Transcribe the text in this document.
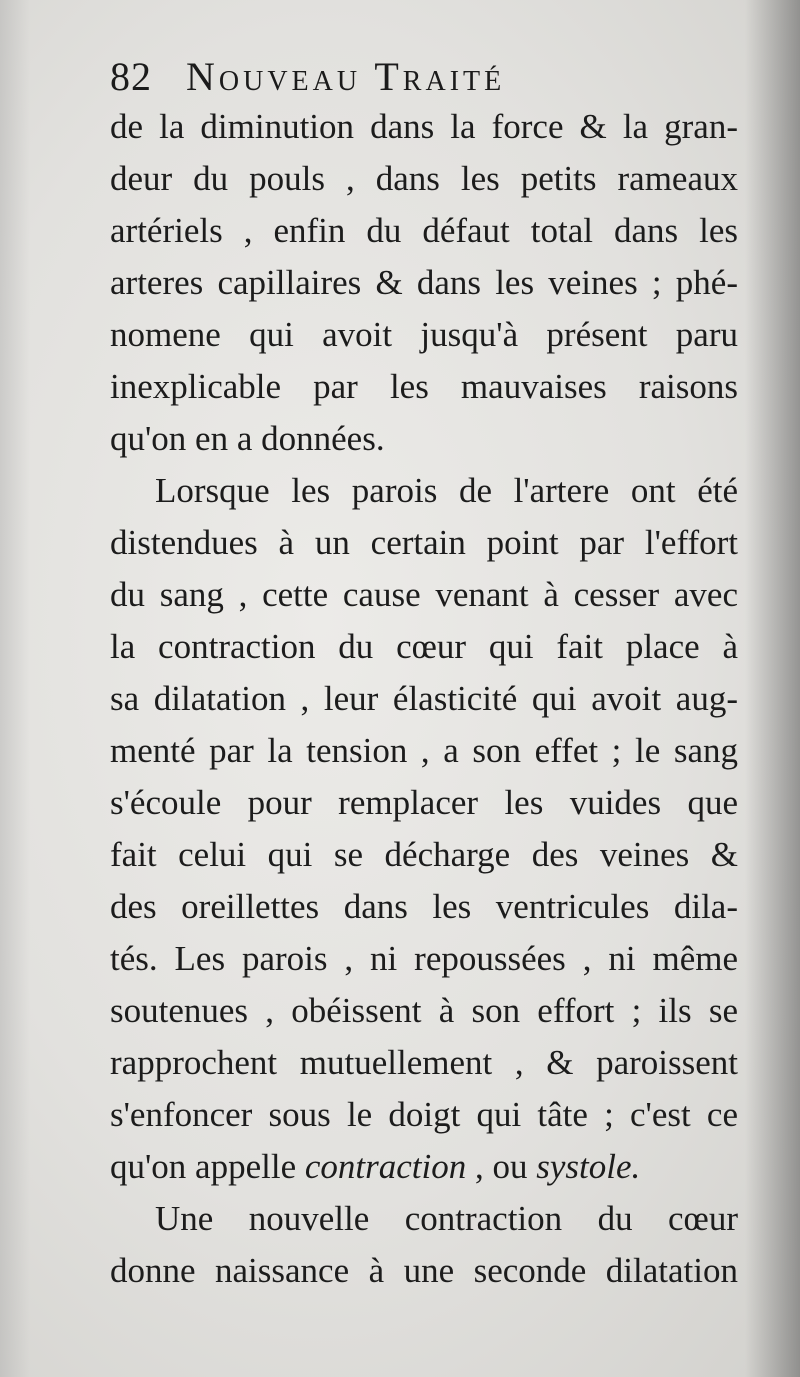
82 Nouveau Traité
de la diminution dans la force & la gran-
deur du pouls , dans les petits rameaux
artériels , enfin du défaut total dans les
arteres capillaires & dans les veines ; phé-
nomene qui avoit jusqu'à présent paru
inexplicable par les mauvaises raisons
qu'on en a données.
Lorsque les parois de l'artere ont été
distendues à un certain point par l'effort
du sang , cette cause venant à cesser avec
la contraction du cœur qui fait place à
sa dilatation , leur élasticité qui avoit aug-
menté par la tension , a son effet ; le sang
s'écoule pour remplacer les vuides que
fait celui qui se décharge des veines &
des oreillettes dans les ventricules dila-
tés. Les parois , ni repoussées , ni même
soutenues , obéissent à son effort ; ils se
rapprochent mutuellement , & paroissent
s'enfoncer sous le doigt qui tâte ; c'est ce
qu'on appelle contraction , ou systole.
Une nouvelle contraction du cœur
donne naissance à une seconde dilatation
